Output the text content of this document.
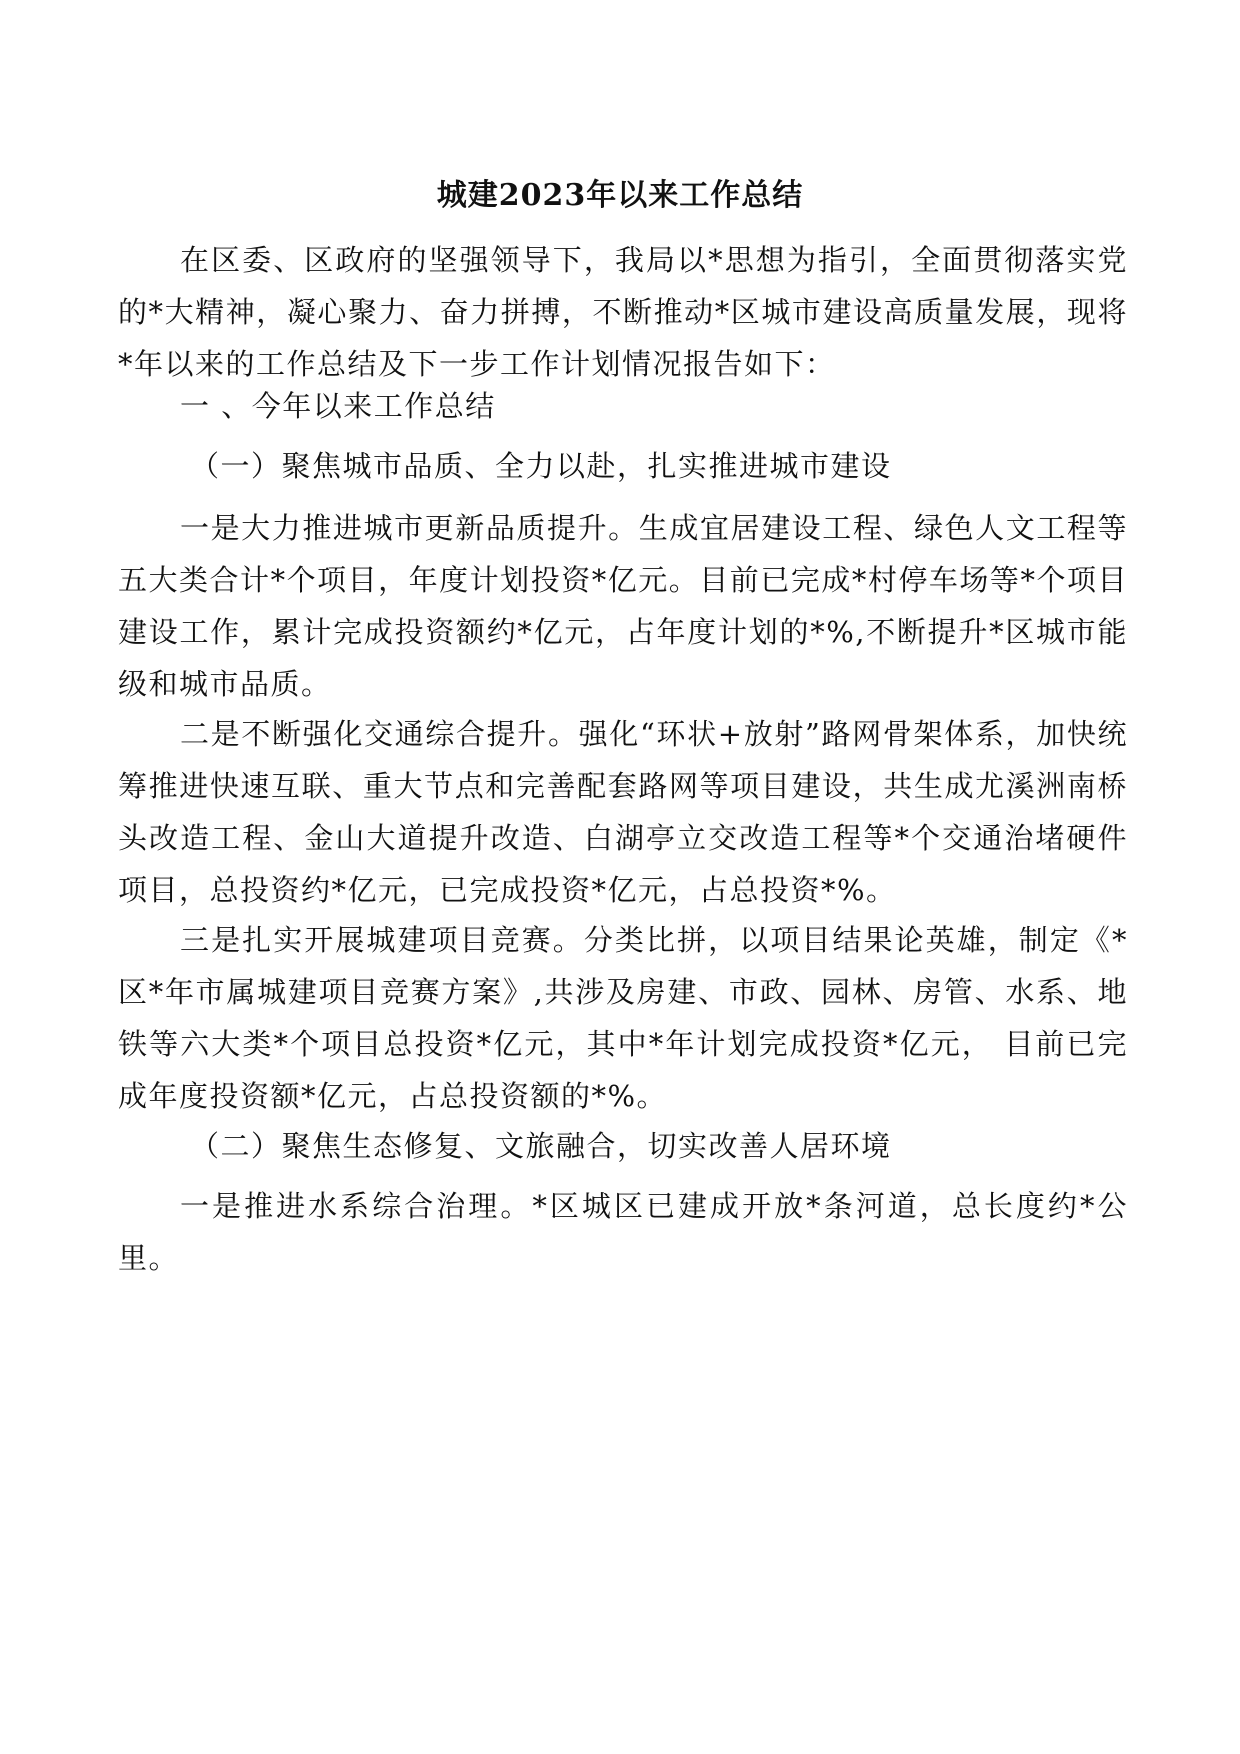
城建2023年以来工作总结

在区委、区政府的坚强领导下，我局以*思想为指引，全面贯彻落实党的*大精神，凝心聚力、奋力拼搏，不断推动*区城市建设高质量发展，现将*年以来的工作总结及下一步工作计划情况报告如下：

一 、今年以来工作总结
（一）聚焦城市品质、全力以赴，扎实推进城市建设

一是大力推进城市更新品质提升。生成宜居建设工程、绿色人文工程等五大类合计*个项目，年度计划投资*亿元。目前已完成*村停车场等*个项目建设工作，累计完成投资额约*亿元，占年度计划的*%,不断提升*区城市能级和城市品质。

二是不断强化交通综合提升。强化“环状+放射”路网骨架体系，加快统筹推进快速互联、重大节点和完善配套路网等项目建设，共生成尤溪洲南桥头改造工程、金山大道提升改造、白湖亭立交改造工程等*个交通治堵硬件项目，总投资约*亿元，已完成投资*亿元，占总投资*%。

三是扎实开展城建项目竞赛。分类比拼，以项目结果论英雄，制定《*区*年市属城建项目竞赛方案》,共涉及房建、市政、园林、房管、水系、地铁等六大类*个项目总投资*亿元，其中*年计划完成投资*亿元， 目前已完成年度投资额*亿元，占总投资额的*%。

（二）聚焦生态修复、文旅融合，切实改善人居环境

一是推进水系综合治理。*区城区已建成开放*条河道，总长度约*公里。
